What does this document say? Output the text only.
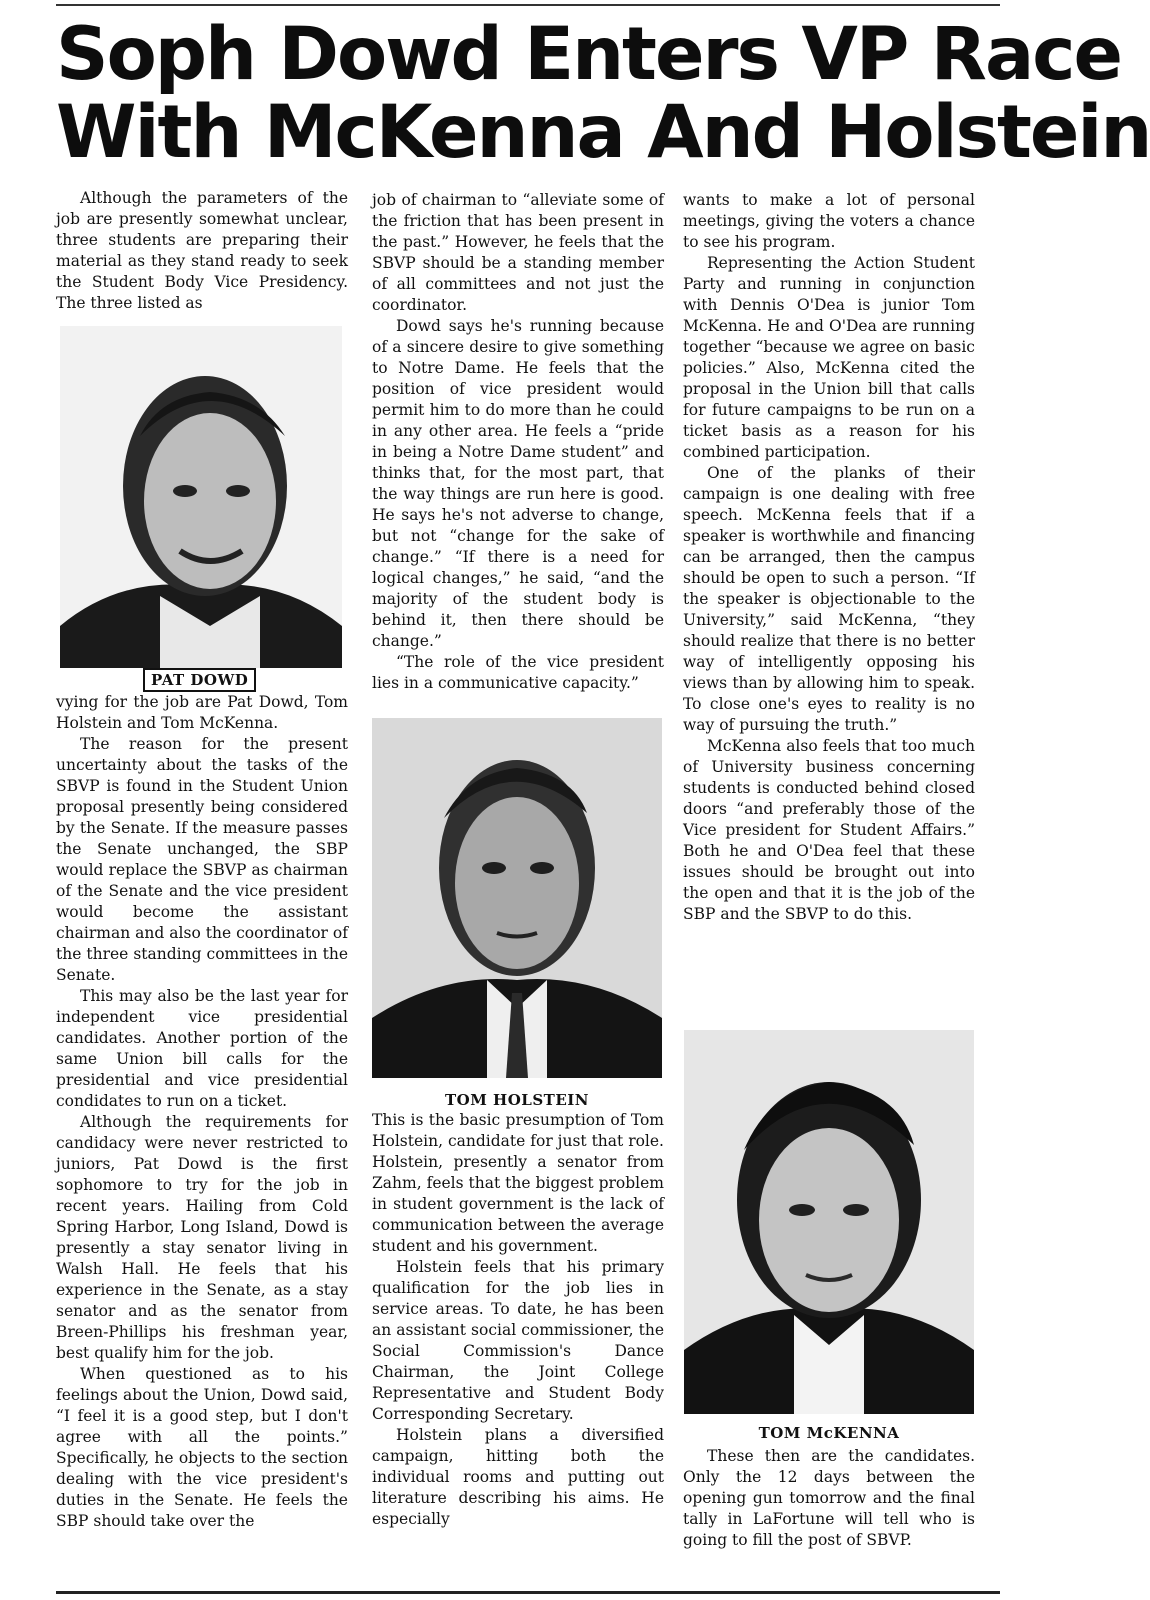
Soph Dowd Enters VP Race
With McKenna And Holstein

Although the parameters of the job are presently somewhat unclear, three students are preparing their material as they stand ready to seek the Student Body Vice Presidency. The three listed as

PAT DOWD

vying for the job are Pat Dowd, Tom Holstein and Tom McKenna.

The reason for the present uncertainty about the tasks of the SBVP is found in the Student Union proposal presently being considered by the Senate. If the measure passes the Senate unchanged, the SBP would replace the SBVP as chairman of the Senate and the vice president would become the assistant chairman and also the coordinator of the three standing committees in the Senate.

This may also be the last year for independent vice presidential candidates. Another portion of the same Union bill calls for the presidential and vice presidential condidates to run on a ticket.

Although the requirements for candidacy were never restricted to juniors, Pat Dowd is the first sophomore to try for the job in recent years. Hailing from Cold Spring Harbor, Long Island, Dowd is presently a stay senator living in Walsh Hall. He feels that his experience in the Senate, as a stay senator and as the senator from Breen-Phillips his freshman year, best qualify him for the job.

When questioned as to his feelings about the Union, Dowd said, “I feel it is a good step, but I don't agree with all the points.” Specifically, he objects to the section dealing with the vice president's duties in the Senate. He feels the SBP should take over the

job of chairman to “alleviate some of the friction that has been present in the past.” However, he feels that the SBVP should be a standing member of all committees and not just the coordinator.

Dowd says he's running because of a sincere desire to give something to Notre Dame. He feels that the position of vice president would permit him to do more than he could in any other area. He feels a “pride in being a Notre Dame student” and thinks that, for the most part, that the way things are run here is good. He says he's not adverse to change, but not “change for the sake of change.” “If there is a need for logical changes,” he said, “and the majority of the student body is behind it, then there should be change.”

“The role of the vice president lies in a communicative capacity.”

TOM HOLSTEIN

This is the basic presumption of Tom Holstein, candidate for just that role. Holstein, presently a senator from Zahm, feels that the biggest problem in student government is the lack of communication between the average student and his government.

Holstein feels that his primary qualification for the job lies in service areas. To date, he has been an assistant social commissioner, the Social Commission's Dance Chairman, the Joint College Representative and Student Body Corresponding Secretary.

Holstein plans a diversified campaign, hitting both the individual rooms and putting out literature describing his aims. He especially

wants to make a lot of personal meetings, giving the voters a chance to see his program.

Representing the Action Student Party and running in conjunction with Dennis O'Dea is junior Tom McKenna. He and O'Dea are running together “because we agree on basic policies.” Also, McKenna cited the proposal in the Union bill that calls for future campaigns to be run on a ticket basis as a reason for his combined participation.

One of the planks of their campaign is one dealing with free speech. McKenna feels that if a speaker is worthwhile and financing can be arranged, then the campus should be open to such a person. “If the speaker is objectionable to the University,” said McKenna, “they should realize that there is no better way of intelligently opposing his views than by allowing him to speak. To close one's eyes to reality is no way of pursuing the truth.”

McKenna also feels that too much of University business concerning students is conducted behind closed doors “and preferably those of the Vice president for Student Affairs.” Both he and O'Dea feel that these issues should be brought out into the open and that it is the job of the SBP and the SBVP to do this.

TOM McKENNA

These then are the candidates. Only the 12 days between the opening gun tomorrow and the final tally in LaFortune will tell who is going to fill the post of SBVP.
